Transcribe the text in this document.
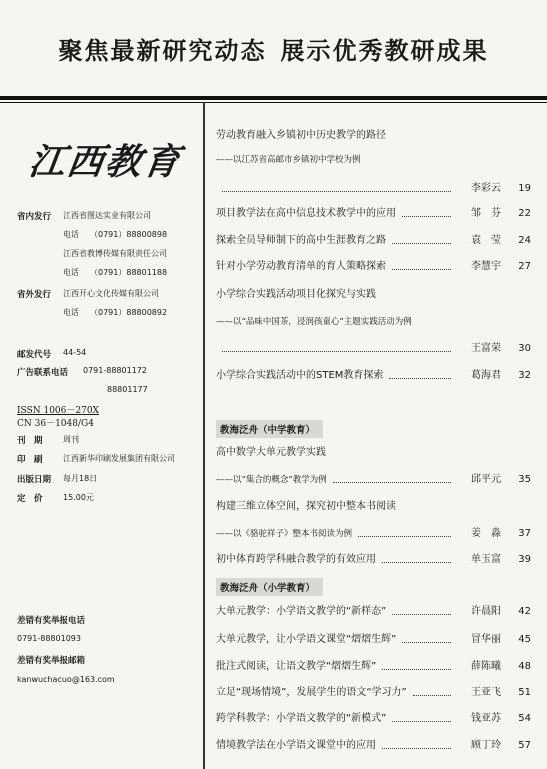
聚焦最新研究动态 展示优秀教研成果
江西教育
省内发行 江西省图达实业有限公司
电话 （0791）88800898
江西省教博传媒有限责任公司
电话 （0791）88801188
省外发行 江西开心文化传媒有限公司
电话 （0791）88800892
邮发代号 44-54
广告联系电话 0791-88801172
88801177
ISSN 1006－270X
CN 36－1048/G4
刊　期	周刊
印　刷	江西新华印刷发展集团有限公司
出版日期 每月18日
定　价	15.00元
差错有奖举报电话
0791-88801093
差错有奖举报邮箱
kanwuchacuo@163.com
劳动教育融入乡镇初中历史教学的路径
——以江苏省高邮市乡镇初中学校为例
李彩云	19
项目教学法在高中信息技术教学中的应用	邹　芬	22
探索全员导师制下的高中生涯教育之路	袁　莹	24
针对小学劳动教育清单的育人策略探索	李慧宇	27
小学综合实践活动项目化探究与实践
——以“品味中国茶，浸润孩童心”主题实践活动为例
王富荣	30
小学综合实践活动中的STEM教育探索	葛海君	32
高中数学大单元教学实践
——以“集合的概念”教学为例	邱平元	35
构建三维立体空间，探究初中整本书阅读
——以《骆驼祥子》整本书阅读为例	姜　淼	37
初中体育跨学科融合教学的有效应用	单玉富	39
大单元教学：小学语文教学的“新样态”	许晨阳	42
大单元教学，让小学语文课堂“熠熠生辉”	冒华丽	45
批注式阅读，让语文教学“熠熠生辉”	薛陈曦	48
立足“现场情境”，发展学生的语文“学习力”	王亚飞	51
跨学科教学：小学语文教学的“新模式”	钱亚苏	54
情境教学法在小学语文课堂中的应用	顾丁玲	57
教海泛舟（中学教育）
教海泛舟（小学教育）
